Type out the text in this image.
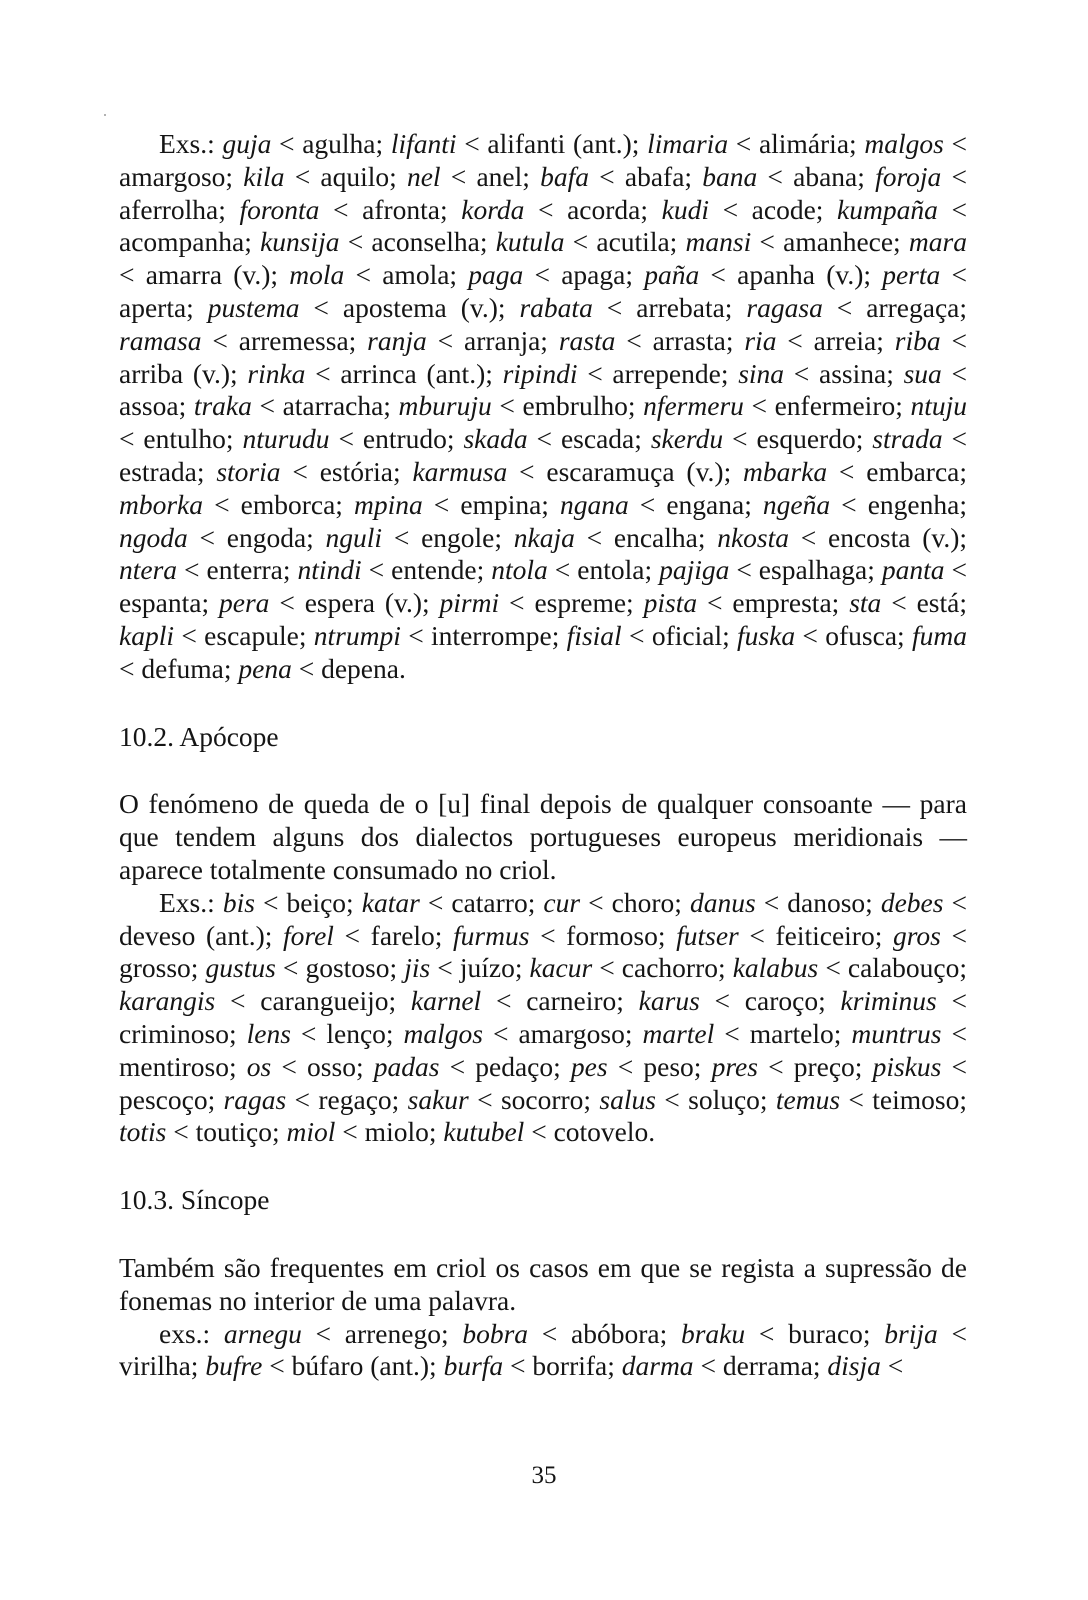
Exs.: guja < agulha; lifanti < alifanti (ant.); limaria < alimária; malgos < amargoso; kila < aquilo; nel < anel; bafa < abafa; bana < abana; foroja < aferrolha; foronta < afronta; korda < acorda; kudi < acode; kumpaña < acompanha; kunsija < aconselha; kutula < acutila; mansi < amanhece; mara < amarra (v.); mola < amola; paga < apaga; paña < apanha (v.); perta < aperta; pustema < apostema (v.); rabata < arrebata; ragasa < arregaça; ramasa < arremessa; ranja < arranja; rasta < arrasta; ria < arreia; riba < arriba (v.); rinka < arrinca (ant.); ripindi < arrepende; sina < assina; sua < assoa; traka < atarracha; mburuju < embrulho; nfermeru < enfermeiro; ntuju < entulho; nturudu < entrudo; skada < escada; skerdu < esquerdo; strada < estrada; storia < estória; karmusa < escaramuça (v.); mbarka < embarca; mborka < emborca; mpina < empina; ngana < engana; ngeña < engenha; ngoda < engoda; nguli < engole; nkaja < encalha; nkosta < encosta (v.); ntera < enterra; ntindi < entende; ntola < entola; pajiga < espalhaga; panta < espanta; pera < espera (v.); pirmi < espreme; pista < empresta; sta < está; kapli < escapule; ntrumpi < interrompe; fisial < oficial; fuska < ofusca; fuma < defuma; pena < depena.

10.2. Apócope

O fenómeno de queda de o [u] final depois de qualquer consoante — para que tendem alguns dos dialectos portugueses europeus meridionais — aparece totalmente consumado no criol.

Exs.: bis < beiço; katar < catarro; cur < choro; danus < danoso; debes < deveso (ant.); forel < farelo; furmus < formoso; futser < feiticeiro; gros < grosso; gustus < gostoso; jis < juízo; kacur < cachorro; kalabus < calabouço; karangis < carangueijo; karnel < carneiro; karus < caroço; kriminus < criminoso; lens < lenço; malgos < amargoso; martel < martelo; muntrus < mentiroso; os < osso; padas < pedaço; pes < peso; pres < preço; piskus < pescoço; ragas < regaço; sakur < socorro; salus < soluço; temus < teimoso; totis < toutiço; miol < miolo; kutubel < cotovelo.

10.3. Síncope

Também são frequentes em criol os casos em que se regista a supressão de fonemas no interior de uma palavra.

exs.: arnegu < arrenego; bobra < abóbora; braku < buraco; brija < virilha; bufre < búfaro (ant.); burfa < borrifa; darma < derrama; disja <

35
